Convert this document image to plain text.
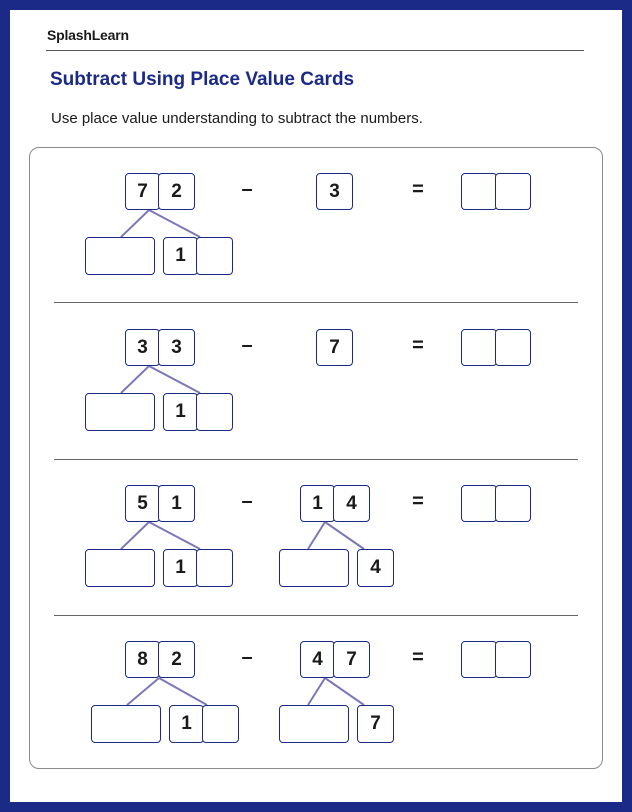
SplashLearn
Subtract Using Place Value Cards
Use place value understanding to subtract the numbers.
7	2	–	3	=
1
3	3	–	7	=
1
5	1	–	1	4	=
1	4
8	2	–	4	7	=
1	7
